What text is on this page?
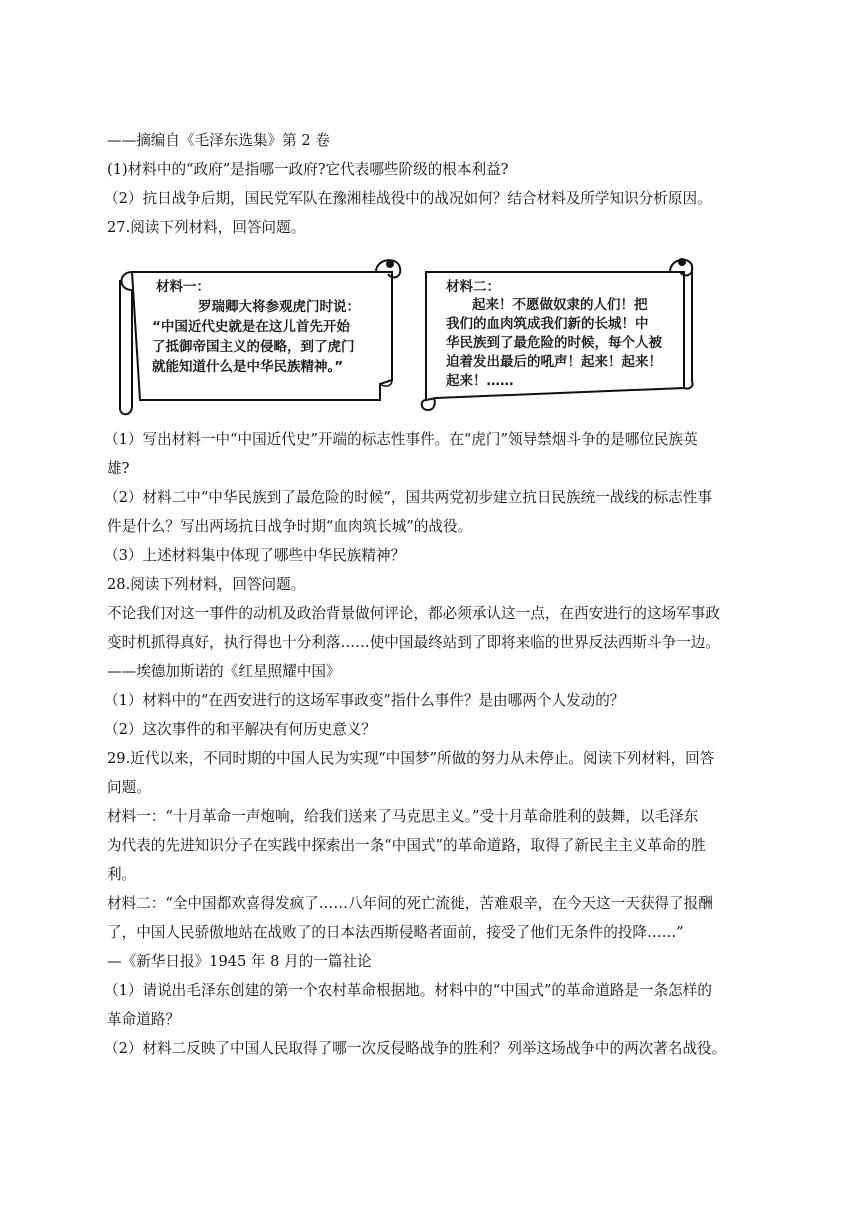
——摘编自《毛泽东选集》第 2 卷
(1)材料中的“政府”是指哪一政府?它代表哪些阶级的根本利益?
（2）抗日战争后期，国民党军队在豫湘桂战役中的战况如何？结合材料及所学知识分析原因。
27.阅读下列材料，回答问题。
材料一：
罗瑞卿大将参观虎门时说：
“中国近代史就是在这儿首先开始
了抵御帝国主义的侵略，到了虎门
就能知道什么是中华民族精神。”
材料二：
起来！不愿做奴隶的人们！把
我们的血肉筑成我们新的长城！中
华民族到了最危险的时候，每个人被
迫着发出最后的吼声！起来！起来！
起来！……
（1）写出材料一中“中国近代史”开端的标志性事件。在“虎门”领导禁烟斗争的是哪位民族英
雄?
（2）材料二中“中华民族到了最危险的时候”，国共两党初步建立抗日民族统一战线的标志性事
件是什么？写出两场抗日战争时期“血肉筑长城”的战役。
（3）上述材料集中体现了哪些中华民族精神？
28.阅读下列材料，回答问题。
不论我们对这一事件的动机及政治背景做何评论，都必须承认这一点，在西安进行的这场军事政
变时机抓得真好，执行得也十分利落……使中国最终站到了即将来临的世界反法西斯斗争一边。
——埃德加斯诺的《红星照耀中国》
（1）材料中的“在西安进行的这场军事政变”指什么事件？是由哪两个人发动的？
（2）这次事件的和平解决有何历史意义？
29.近代以来，不同时期的中国人民为实现“中国梦”所做的努力从未停止。阅读下列材料，回答
问题。
材料一：“十月革命一声炮响，给我们送来了马克思主义。”受十月革命胜利的鼓舞，以毛泽东
为代表的先进知识分子在实践中探索出一条“中国式”的革命道路，取得了新民主主义革命的胜
利。
材料二：“全中国都欢喜得发疯了……八年间的死亡流徙，苦难艰辛，在今天这一天获得了报酬
了，中国人民骄傲地站在战败了的日本法西斯侵略者面前，接受了他们无条件的投降……”
—《新华日报》1945 年 8 月的一篇社论
（1）请说出毛泽东创建的第一个农村革命根据地。材料中的“中国式”的革命道路是一条怎样的
革命道路？
（2）材料二反映了中国人民取得了哪一次反侵略战争的胜利？列举这场战争中的两次著名战役。
